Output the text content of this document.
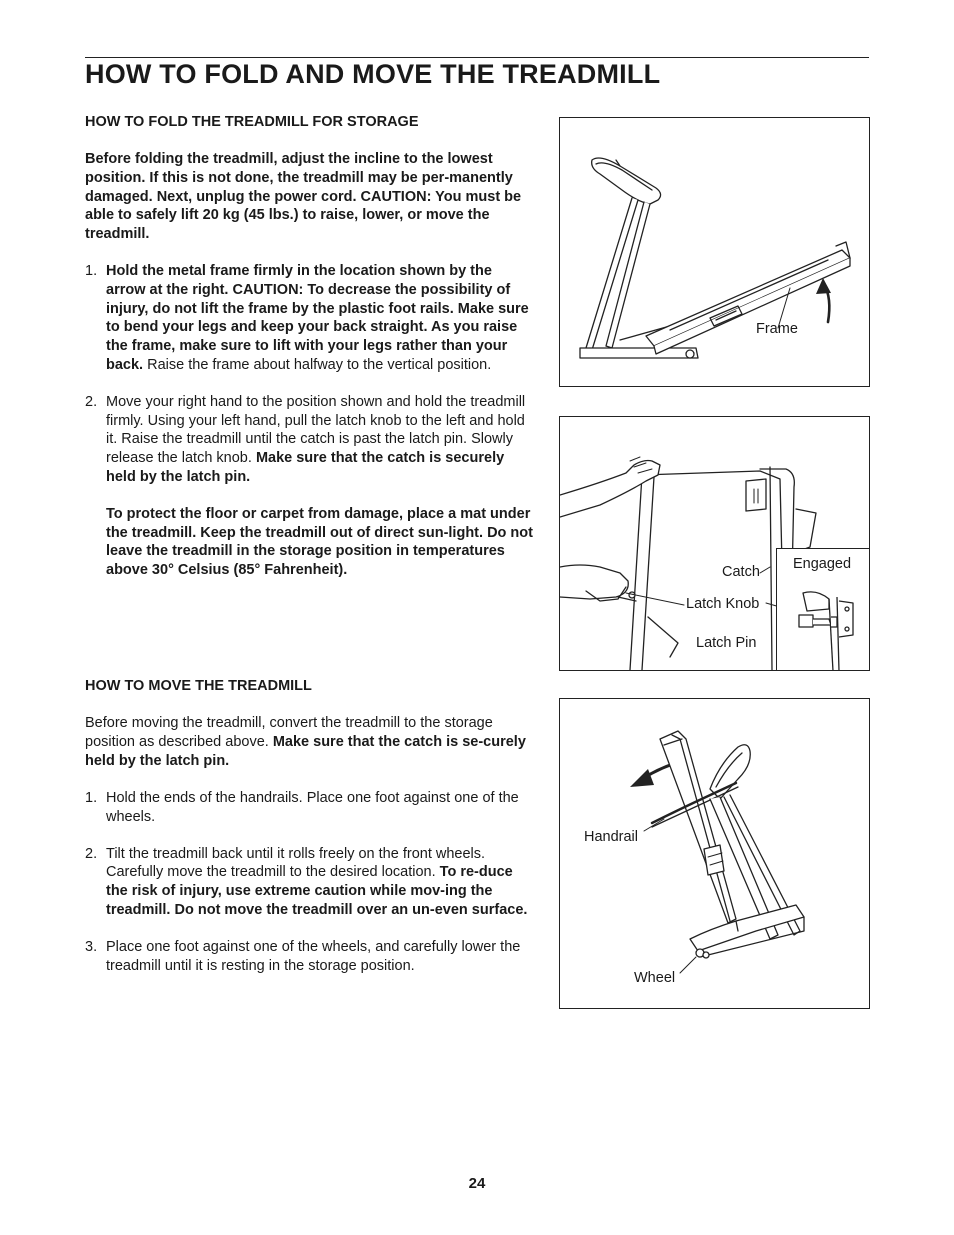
HOW TO FOLD AND MOVE THE TREADMILL

HOW TO FOLD THE TREADMILL FOR STORAGE

Before folding the treadmill, adjust the incline to the lowest position. If this is not done, the treadmill may be per-manently damaged. Next, unplug the power cord. CAUTION: You must be able to safely lift 20 kg (45 lbs.) to raise, lower, or move the treadmill.

1. Hold the metal frame firmly in the location shown by the arrow at the right. CAUTION: To decrease the possibility of injury, do not lift the frame by the plastic foot rails. Make sure to bend your legs and keep your back straight. As you raise the frame, make sure to lift with your legs rather than your back. Raise the frame about halfway to the vertical position.
2. Move your right hand to the position shown and hold the treadmill firmly. Using your left hand, pull the latch knob to the left and hold it. Raise the treadmill until the catch is past the latch pin. Slowly release the latch knob. Make sure that the catch is securely held by the latch pin.

To protect the floor or carpet from damage, place a mat under the treadmill. Keep the treadmill out of direct sun-light. Do not leave the treadmill in the storage position in temperatures above 30° Celsius (85° Fahrenheit).

HOW TO MOVE THE TREADMILL

Before moving the treadmill, convert the treadmill to the storage position as described above. Make sure that the catch is se-curely held by the latch pin.

1. Hold the ends of the handrails. Place one foot against one of the wheels.
2. Tilt the treadmill back until it rolls freely on the front wheels. Carefully move the treadmill to the desired location. To re-duce the risk of injury, use extreme caution while mov-ing the treadmill. Do not move the treadmill over an un-even surface.
3. Place one foot against one of the wheels, and carefully lower the treadmill until it is resting in the storage position.
Frame
Catch
Latch Knob
Latch Pin
Engaged
Handrail
Wheel
24
